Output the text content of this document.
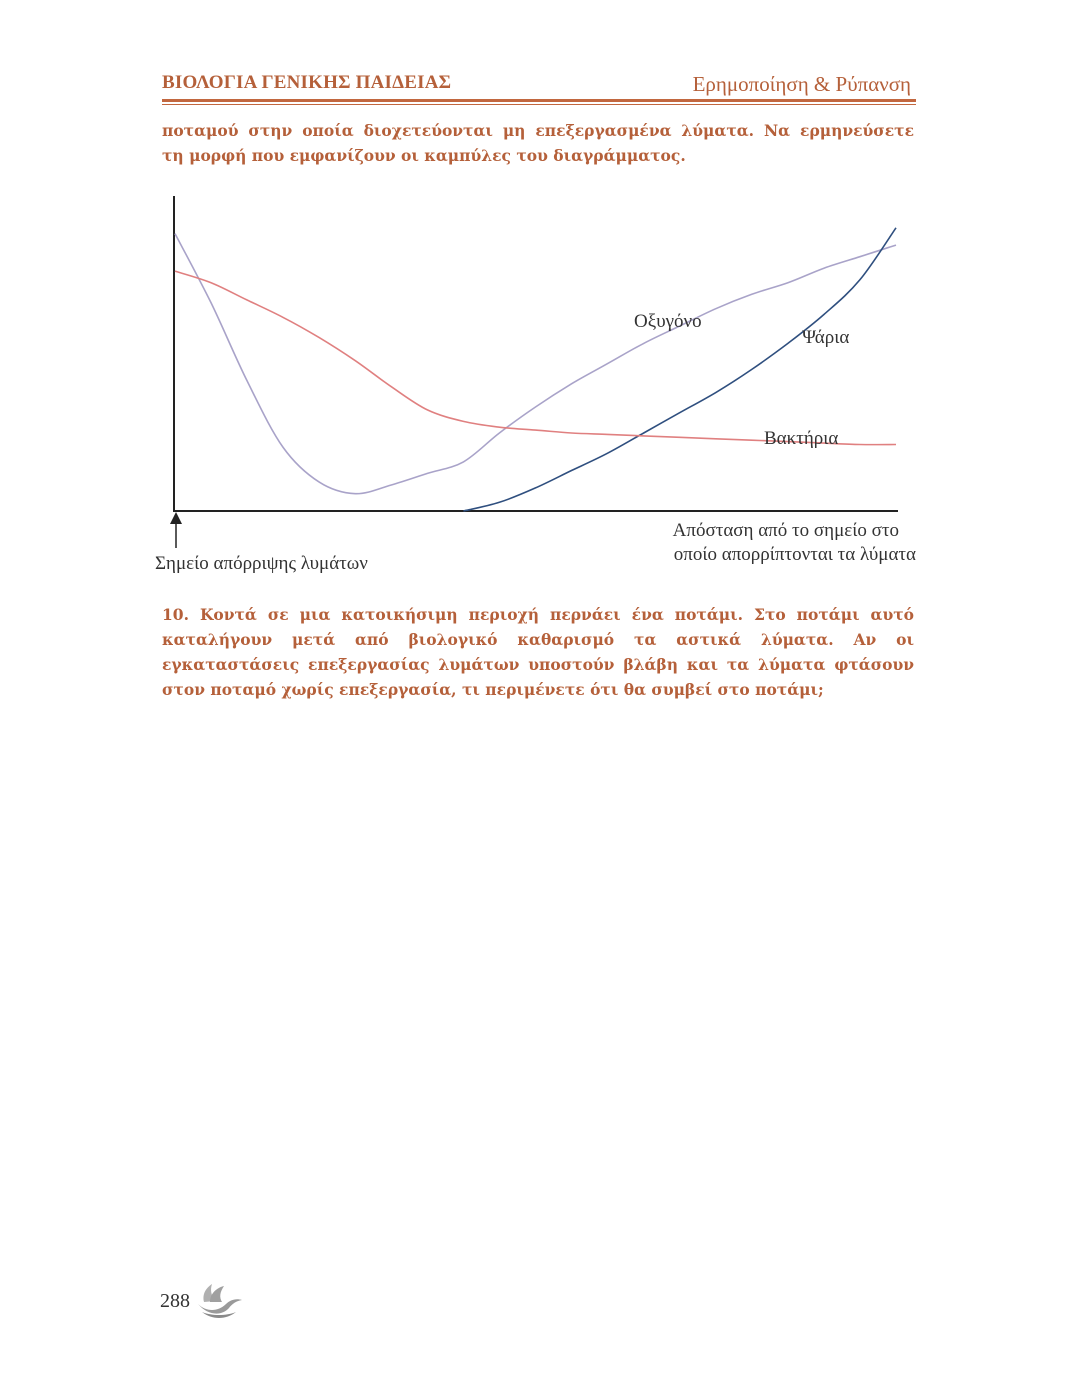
ΒΙΟΛΟΓΙΑ ΓΕΝΙΚΗΣ ΠΑΙΔΕΙΑΣ	Ερημοποίηση & Ρύπανση

ποταμού στην οποία διοχετεύονται μη επεξεργασμένα λύματα. Να ερμηνεύσετε
τη μορφή που εμφανίζουν οι καμπύλες του διαγράμματος.

Οξυγόνο
Ψάρια
Βακτήρια
Απόσταση από το σημείο στο
οποίο απορρίπτονται τα λύματα
Σημείο απόρριψης λυμάτων

10. Κοντά σε μια κατοικήσιμη περιοχή περνάει ένα ποτάμι. Στο ποτάμι αυτό
καταλήγουν μετά από βιολογικό καθαρισμό τα αστικά λύματα. Αν οι
εγκαταστάσεις επεξεργασίας λυμάτων υποστούν βλάβη και τα λύματα φτάσουν
στον ποταμό χωρίς επεξεργασία, τι περιμένετε ότι θα συμβεί στο ποτάμι;

288
